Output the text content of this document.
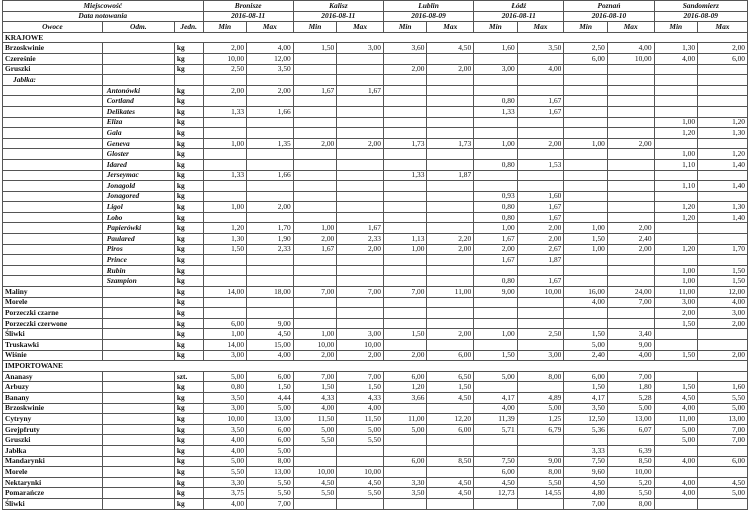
Miejscowość			Bronisze		Kalisz		Lublin		Łódź		Poznań		Sandomierz	
Data notowania			2016-08-11		2016-08-11		2016-08-09		2016-08-11		2016-08-10		2016-08-09	
Owoce	Odm.	Jedn.	Min	Max	Min	Max	Min	Max	Min	Max	Min	Max	Min	Max
KRAJOWE														
Brzoskwinie		kg	2,00	4,00	1,50	3,00	3,60	4,50	1,60	3,50	2,50	4,00	1,30	2,00
Czereśnie		kg	10,00	12,00							6,00	10,00	4,00	6,00
Gruszki		kg	2,50	3,50			2,00	2,00	3,00	4,00				
Jabłka:														
	Antonówki	kg	2,00	2,00	1,67	1,67								
	Cortland	kg							0,80	1,67				
	Delikates	kg	1,33	1,66					1,33	1,67				
	Eliza	kg											1,00	1,20
	Gala	kg											1,20	1,30
	Geneva	kg	1,00	1,35	2,00	2,00	1,73	1,73	1,00	2,00	1,00	2,00		
	Gloster	kg											1,00	1,20
	Idared	kg							0,80	1,53			1,10	1,40
	Jerseymac	kg	1,33	1,66			1,33	1,87						
	Jonagold	kg											1,10	1,40
	Jonagored	kg							0,93	1,60				
	Ligol	kg	1,00	2,00					0,80	1,67			1,20	1,30
	Lobo	kg							0,80	1,67			1,20	1,40
	Papierówki	kg	1,20	1,70	1,00	1,67			1,00	2,00	1,00	2,00		
	Paulared	kg	1,30	1,90	2,00	2,33	1,13	2,20	1,67	2,00	1,50	2,40		
	Piros	kg	1,50	2,33	1,67	2,00	1,00	2,00	2,00	2,67	1,00	2,00	1,20	1,70
	Prince	kg							1,67	1,87				
	Rubin	kg											1,00	1,50
	Szampion	kg							0,80	1,67			1,00	1,50
Maliny		kg	14,00	18,00	7,00	7,00	7,00	11,00	9,00	10,00	16,00	24,00	11,00	12,00
Morele		kg									4,00	7,00	3,00	4,00
Porzeczki czarne		kg											2,00	3,00
Porzeczki czerwone		kg	6,00	9,00									1,50	2,00
Śliwki		kg	1,00	4,50	1,00	3,00	1,50	2,00	1,00	2,50	1,50	3,40		
Truskawki		kg	14,00	15,00	10,00	10,00					5,00	9,00		
Wiśnie		kg	3,00	4,00	2,00	2,00	2,00	6,00	1,50	3,00	2,40	4,00	1,50	2,00
IMPORTOWANE														
Ananasy		szt.	5,00	6,00	7,00	7,00	6,00	6,50	5,00	8,00	6,00	7,00		
Arbuzy		kg	0,80	1,50	1,50	1,50	1,20	1,50			1,50	1,80	1,50	1,60
Banany		kg	3,50	4,44	4,33	4,33	3,66	4,50	4,17	4,89	4,17	5,28	4,50	5,50
Brzoskwinie		kg	3,00	5,00	4,00	4,00			4,00	5,00	3,50	5,00	4,00	5,00
Cytryny		kg	10,00	13,00	11,50	11,50	11,00	12,20	11,39	1,25	12,50	13,00	11,00	13,00
Grejpfruty		kg	3,50	6,00	5,00	5,00	5,00	6,00	5,71	6,79	5,36	6,07	5,00	7,00
Gruszki		kg	4,00	6,00	5,50	5,50							5,00	7,00
Jabłka		kg	4,00	5,00							3,33	6,39		
Mandarynki		kg	5,00	8,00			6,00	8,50	7,50	9,00	7,50	8,50	4,00	6,00
Morele		kg	5,50	13,00	10,00	10,00			6,00	8,00	9,60	10,00		
Nektarynki		kg	3,30	5,50	4,50	4,50	3,30	4,50	4,50	5,50	4,50	5,20	4,00	4,50
Pomarańcze		kg	3,75	5,50	5,50	5,50	3,50	4,50	12,73	14,55	4,80	5,50	4,00	5,00
Śliwki		kg	4,00	7,00							7,00	8,00		
